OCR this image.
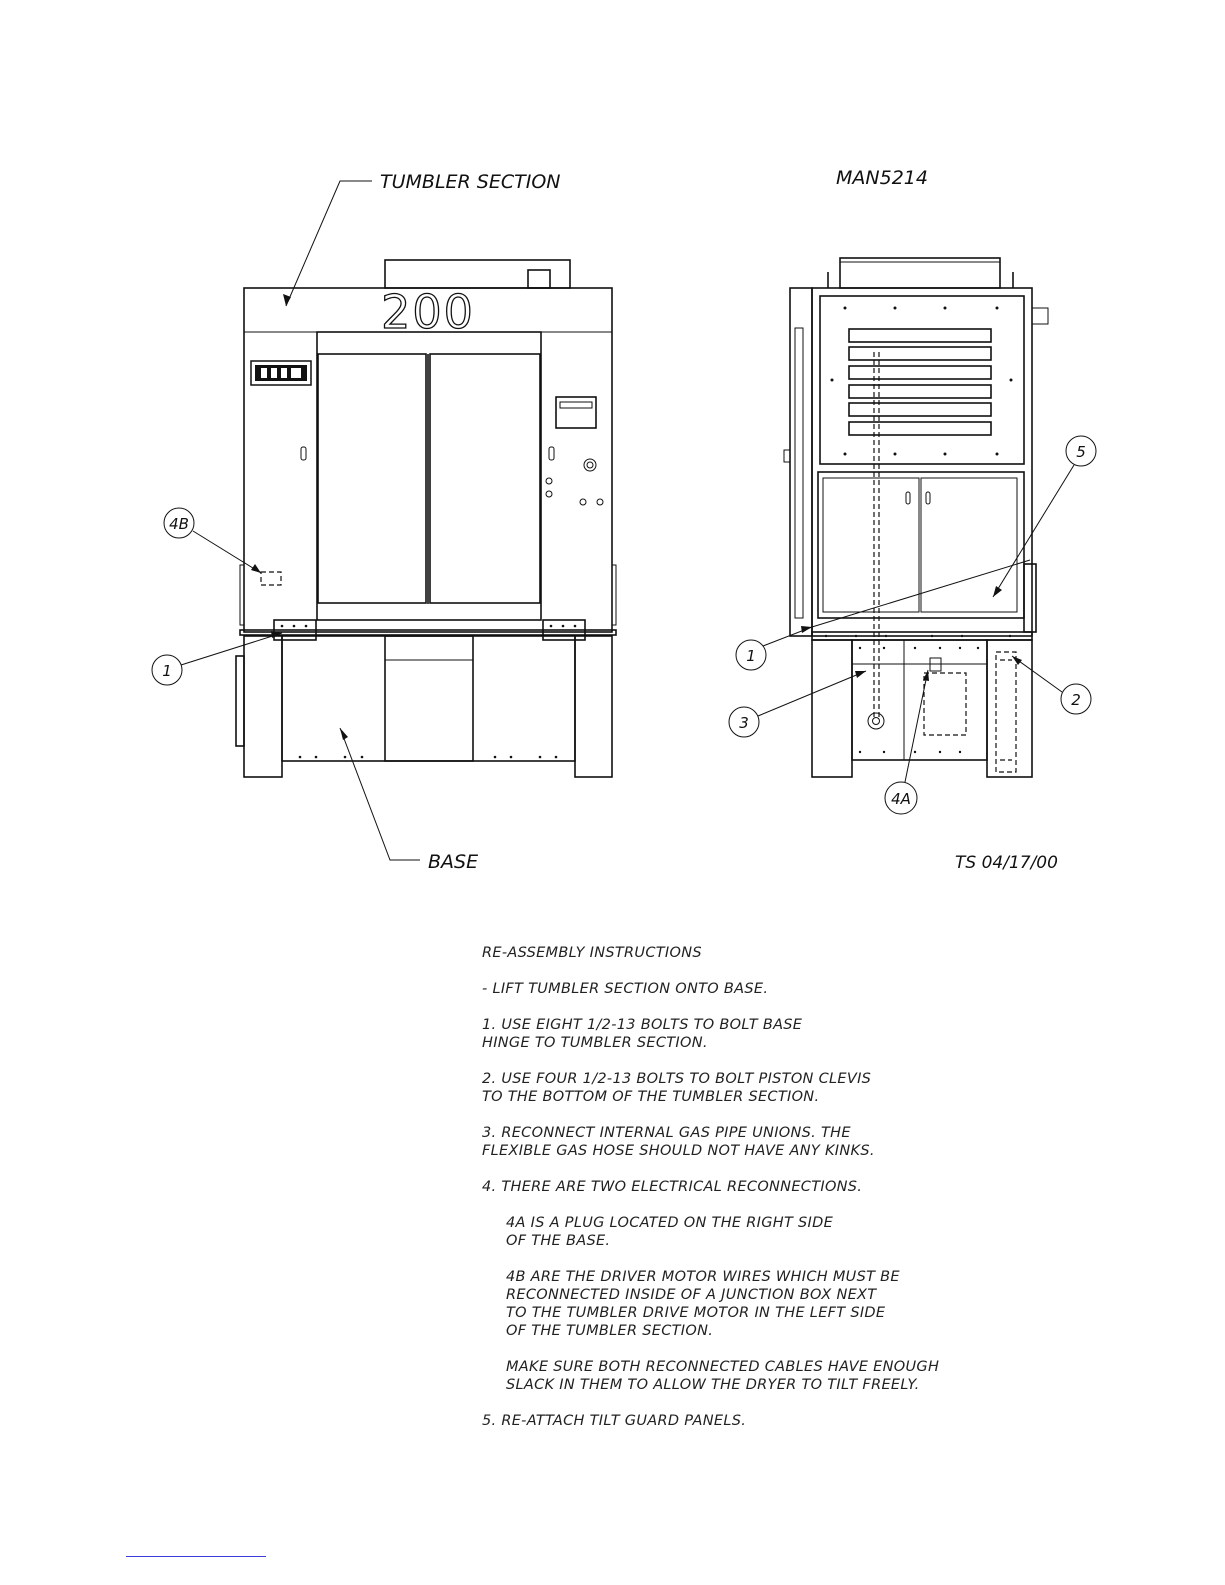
TUMBLER SECTION	MAN5214
200
4B
1
BASE
5
1
2
3
4A
TS 04/17/00
RE-ASSEMBLY INSTRUCTIONS
- LIFT TUMBLER SECTION ONTO BASE.
1. USE EIGHT 1/2-13 BOLTS TO BOLT BASE
HINGE TO TUMBLER SECTION.
2. USE FOUR 1/2-13 BOLTS TO BOLT PISTON CLEVIS
TO THE BOTTOM OF THE TUMBLER SECTION.
3. RECONNECT INTERNAL GAS PIPE UNIONS. THE
FLEXIBLE GAS HOSE SHOULD NOT HAVE ANY KINKS.
4. THERE ARE TWO ELECTRICAL RECONNECTIONS.
4A IS A PLUG LOCATED ON THE RIGHT SIDE
OF THE BASE.
4B ARE THE DRIVER MOTOR WIRES WHICH MUST BE
RECONNECTED INSIDE OF A JUNCTION BOX NEXT
TO THE TUMBLER DRIVE MOTOR IN THE LEFT SIDE
OF THE TUMBLER SECTION.
MAKE SURE BOTH RECONNECTED CABLES HAVE ENOUGH
SLACK IN THEM TO ALLOW THE DRYER TO TILT FREELY.
5. RE-ATTACH TILT GUARD PANELS.
